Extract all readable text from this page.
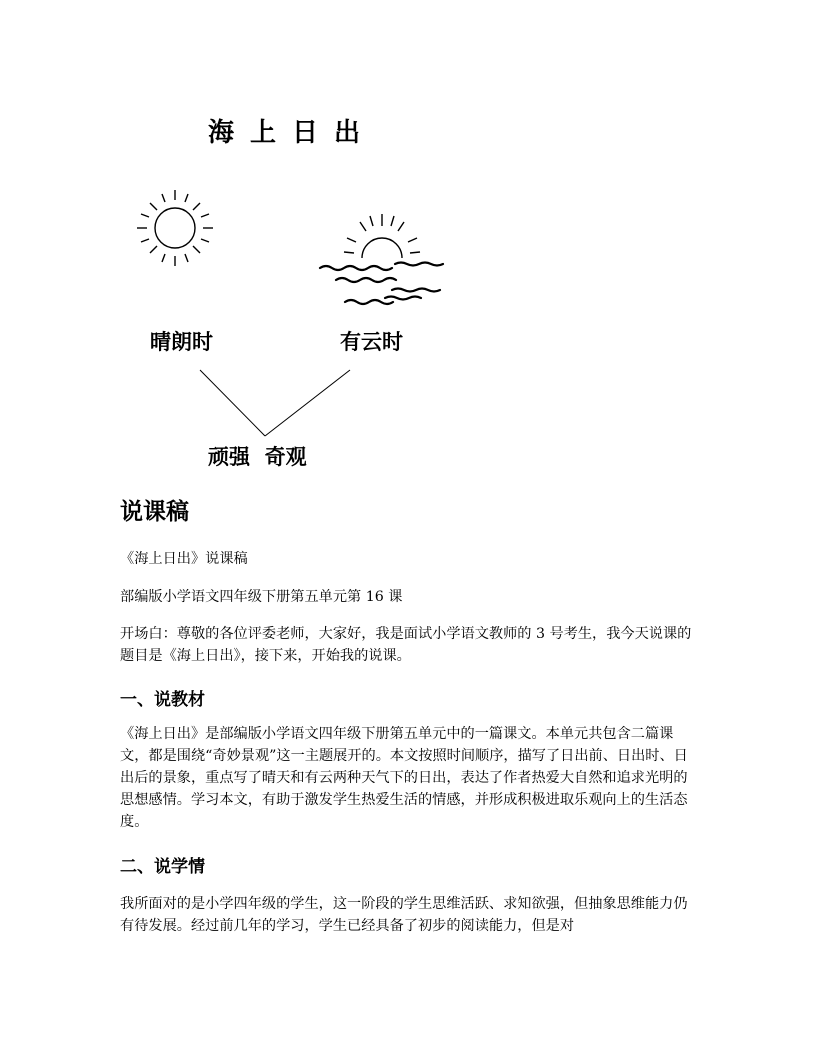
海上日出
晴朗时	有云时
顽强  奇观
说课稿
《海上日出》说课稿
部编版小学语文四年级下册第五单元第 16 课
开场白：尊敬的各位评委老师，大家好，我是面试小学语文教师的 3 号考生，我今天说课的题目是《海上日出》，接下来，开始我的说课。
一、说教材
《海上日出》是部编版小学语文四年级下册第五单元中的一篇课文。本单元共包含二篇课文，都是围绕“奇妙景观”这一主题展开的。本文按照时间顺序，描写了日出前、日出时、日出后的景象，重点写了晴天和有云两种天气下的日出，表达了作者热爱大自然和追求光明的思想感情。学习本文，有助于激发学生热爱生活的情感，并形成积极进取乐观向上的生活态度。
二、说学情
我所面对的是小学四年级的学生，这一阶段的学生思维活跃、求知欲强，但抽象思维能力仍有待发展。经过前几年的学习，学生已经具备了初步的阅读能力，但是对
